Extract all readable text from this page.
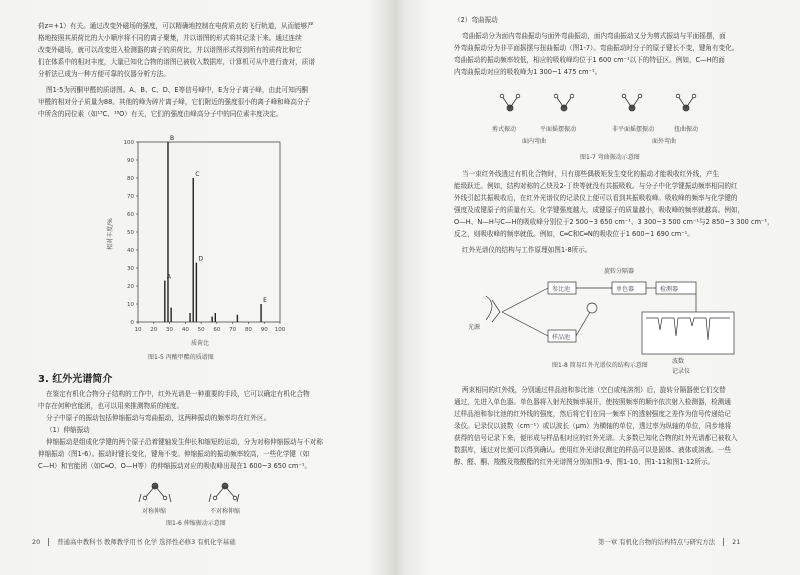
荷z=+1）有关。通过改变外磁场的强度，可以精确地控制在电荷质点的飞行轨道，从而能够严
格地按照其质荷比的大小顺序将不同的离子聚集，并以谱图的形式将其记录下来。通过连续
改变外磁场，就可以改变进入检测器的离子的质荷比，并以谱图形式得到所有的质荷比和它
们在体系中的相对丰度，大量已知化合物的谱图已被收入数据库，计算机可从中进行查对，质谱
分析法已成为一种方便可靠的仪器分析方法。
图1-5为丙酮甲醛的质谱图。A、B、C、D、E等信号峰中，E为分子离子峰，由此可知丙酮
甲醛的相对分子质量为88。其他的峰为碎片离子峰，它们附近的强度很小的离子峰和峰高分子
中所含的同位素（如¹³C、¹⁸O）有关，它们的强度由峰高分子中的同位素丰度决定。
0
10
20
30
40
50
60
70
80
90
100
10 20 30 40 50 60 70 80 90 100
A
B
C
D
E
相对丰度/%
质荷比
图1-5 丙酸甲酯的质谱图
3. 红外光谱简介
在鉴定有机化合物分子结构的工作中，红外光谱是一种重要的手段，它可以确定有机化合物
中存在何种官能团，也可以用来推测物质的纯度。
分子中原子的振动包括伸缩振动与弯曲振动，这两种振动的频率均在红外区。
（1）伸缩振动
伸缩振动是组成化学键的两个原子沿着键轴发生伸长和缩短的运动，分为对称伸缩振动与不对称
伸缩振动（图1-6）。振动时键长变化，键角不变。伸缩振动的振动频率较高，一些化学键（如
C—H）和官能团（如C═O、O—H等）的伸缩振动对应的吸收峰出现在1 600~3 650 cm⁻¹。
对称伸缩	不对称伸缩
图1-6 伸缩振动示意图
20	普通高中教科书 教师教学用书 化学 选择性必修3 有机化学基础
（2）弯曲振动
弯曲振动分为面内弯曲振动与面外弯曲振动，面内弯曲振动又分为剪式振动与平面摇摆，面
外弯曲振动分为非平面摇摆与扭曲振动（图1-7）。弯曲振动时分子的原子键长不变，键角有变化。
弯曲振动的振动频率较低，相应的吸收峰均位于1 600 cm⁻¹以下的特征区。例如，C—H的面
内弯曲振动对应的吸收峰为1 300~1 475 cm⁻¹。
剪式振动	平面摇摆振动	非平面摇摆振动	扭曲振动
面内弯曲	面外弯曲
图1-7 弯曲振动示意图
当一束红外线透过有机化合物时，只有那些偶极矩发生变化的振动才能吸收红外线，产生
能级跃迁。例如，结构对称的乙炔及2-丁炔等就没有共振吸收。与分子中化学键振动频率相同的红
外线引起共振吸收后，在红外光谱仪的记录仪上便可以看到其振吸收峰。吸收峰的频率与化学键的
强度及成键原子的质量有关。化学键强度越大，成键原子的质量越小，吸收峰的频率就越高。例如，
O—H、N—H与C—H的吸收峰分别位于2 500~3 650 cm⁻¹、3 300~3 500 cm⁻¹与2 850~3 300 cm⁻¹，
反之，则吸收峰的频率就低。例如，C═C和C═N的吸收位于1 600~1 690 cm⁻¹。
红外光谱仪的结构与工作原理如图1-8所示。
旋转分隔器
参比池	单色器	检测器
光源
样品池
波数
记录仪
图1-8 简易红外光谱仪的结构示意图
两束相同的红外线，分别通过样品池和参比池（空白或纯溶剂）后，旋转分隔器使它们交替
通过，先进入单色器。单色器将入射光按频率展开，使按照频率的顺序依次射入检测器，检测通
过样品池和参比池的红外线的强度，然后将它们在同一频率下的透射强度之差作为信号传递给记
录仪。记录仪以波数（cm⁻¹）或以波长（μm）为横轴的单位，透过率为纵轴的单位，同步地将
获得的信号记录下来，便形成与样品相对应的红外光谱。大多数已知化合物的红外光谱都已被收入
数据库，通过对比便可以得到确认。使用红外光谱仪测定的样品可以是固体、液体或溶液。一些
醇、醛、酮、羧酸及羧酸酯的红外光谱图分别如图1-9、图1-10、图1-11和图1-12所示。
第一章 有机化合物的结构特点与研究方法	21
